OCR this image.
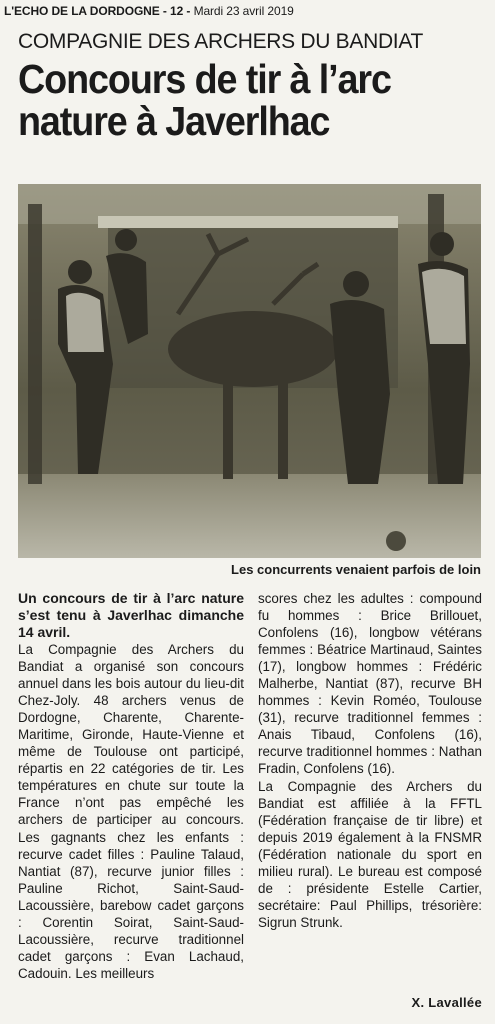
L'ECHO DE LA DORDOGNE - 12 - Mardi 23 avril 2019
COMPAGNIE DES ARCHERS DU BANDIAT
Concours de tir à l’arc nature à Javerlhac
Les concurrents venaient parfois de loin

Un concours de tir à l’arc nature s’est tenu à Javerlhac dimanche 14 avril.

La Compagnie des Archers du Bandiat a organisé son concours annuel dans les bois autour du lieu-dit Chez-Joly. 48 archers venus de Dordogne, Charente, Charente-Maritime, Gironde, Haute-Vienne et même de Toulouse ont participé, répartis en 22 catégories de tir. Les températures en chute sur toute la France n’ont pas empêché les archers de participer au concours. Les gagnants chez les enfants : recurve cadet filles : Pauline Talaud, Nantiat (87), recurve junior filles : Pauline Richot, Saint-Saud-Lacoussière, barebow cadet garçons : Corentin Soirat, Saint-Saud-Lacoussière, recurve traditionnel cadet garçons : Evan Lachaud, Cadouin. Les meilleurs

scores chez les adultes : compound fu hommes : Brice Brillouet, Confolens (16), longbow vétérans femmes : Béatrice Martinaud, Saintes (17), longbow hommes : Frédéric Malherbe, Nantiat (87), recurve BH hommes : Kevin Roméo, Toulouse (31), recurve traditionnel femmes : Anais Tibaud, Confolens (16), recurve traditionnel hommes : Nathan Fradin, Confolens (16).

La Compagnie des Archers du Bandiat est affiliée à la FFTL (Fédération française de tir libre) et depuis 2019 également à la FNSMR (Fédération nationale du sport en milieu rural). Le bureau est composé de : présidente Estelle Cartier, secrétaire: Paul Phillips, trésorière: Sigrun Strunk.

X. Lavallée
